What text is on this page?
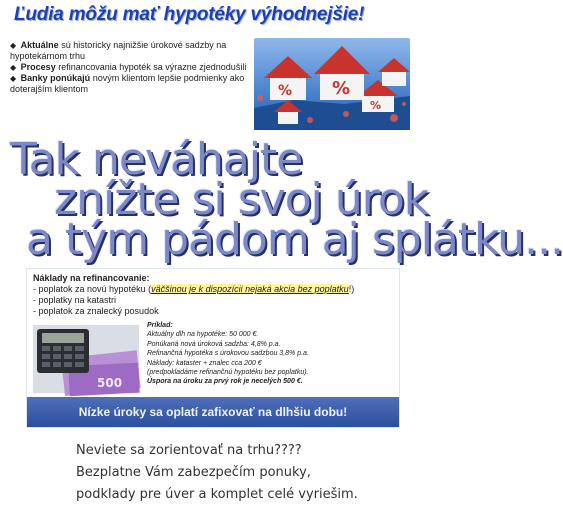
Ľudia môžu mať hypotéky výhodnejšie!
◆ Aktuálne sú historicky najnižšie úrokové sadzby na hypotekárnom trhu
◆ Procesy refinancovania hypoték sa výrazne zjednodušili
◆ Banky ponúkajú novým klientom lepšie podmienky ako doterajším klientom	% %
%
Tak neváhajte
znížte si svoj úrok
a tým pádom aj splátku...
Náklady na refinancovanie:
- poplatok za novú hypotéku (väčšinou je k dispozícii nejaká akcia bez poplatku!)
- poplatky na katastri
- poplatok za znalecký posudok
500
Príklad:
Aktuálny dlh na hypotéke: 50 000 €.
Ponúkaná nová úroková sadzba: 4,8% p.a.
Refinančná hypotéka s úrokovou sadzbou 3,8% p.a.
Náklady: kataster + znalec cca 200 €
(predpokladáme refinančnú hypotéku bez poplatku).
Úspora na úroku za prvý rok je necelých 500 €.
Nízke úroky sa oplatí zafixovať na dlhšiu dobu!
Neviete sa zorientovať na trhu????
Bezplatne Vám zabezpečím ponuky,
podklady pre úver a komplet celé vyriešim.
